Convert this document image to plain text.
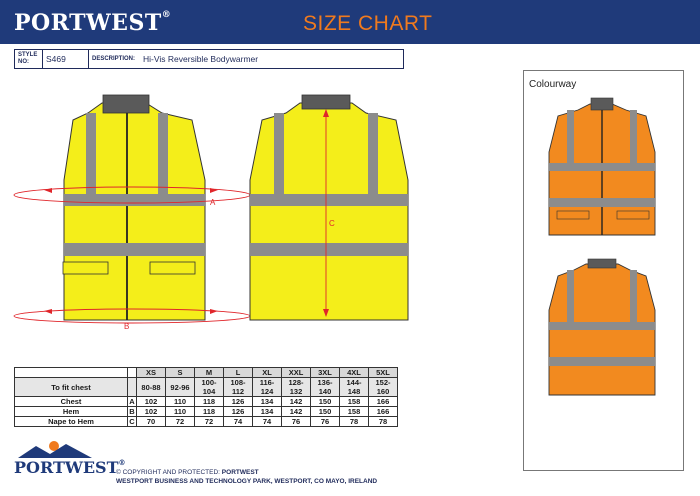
PORTWEST®	SIZE CHART
STYLE
NO: S469	DESCRIPTION: Hi-Vis Reversible Bodywarmer
Colourway
A
B
C
		XS	S	M	L	XL	XXL	3XL	4XL	5XL
To fit chest		80-88	92-96	100-104	108-112	116-124	128-132	136-140	144-148	152-160
Chest	A	102	110	118	126	134	142	150	158	166
Hem	B	102	110	118	126	134	142	150	158	166
Nape to Hem	C	70	72	72	74	74	76	76	78	78
PORTWEST®
© COPYRIGHT AND PROTECTED: PORTWEST
WESTPORT BUSINESS AND TECHNOLOGY PARK, WESTPORT, CO MAYO, IRELAND
